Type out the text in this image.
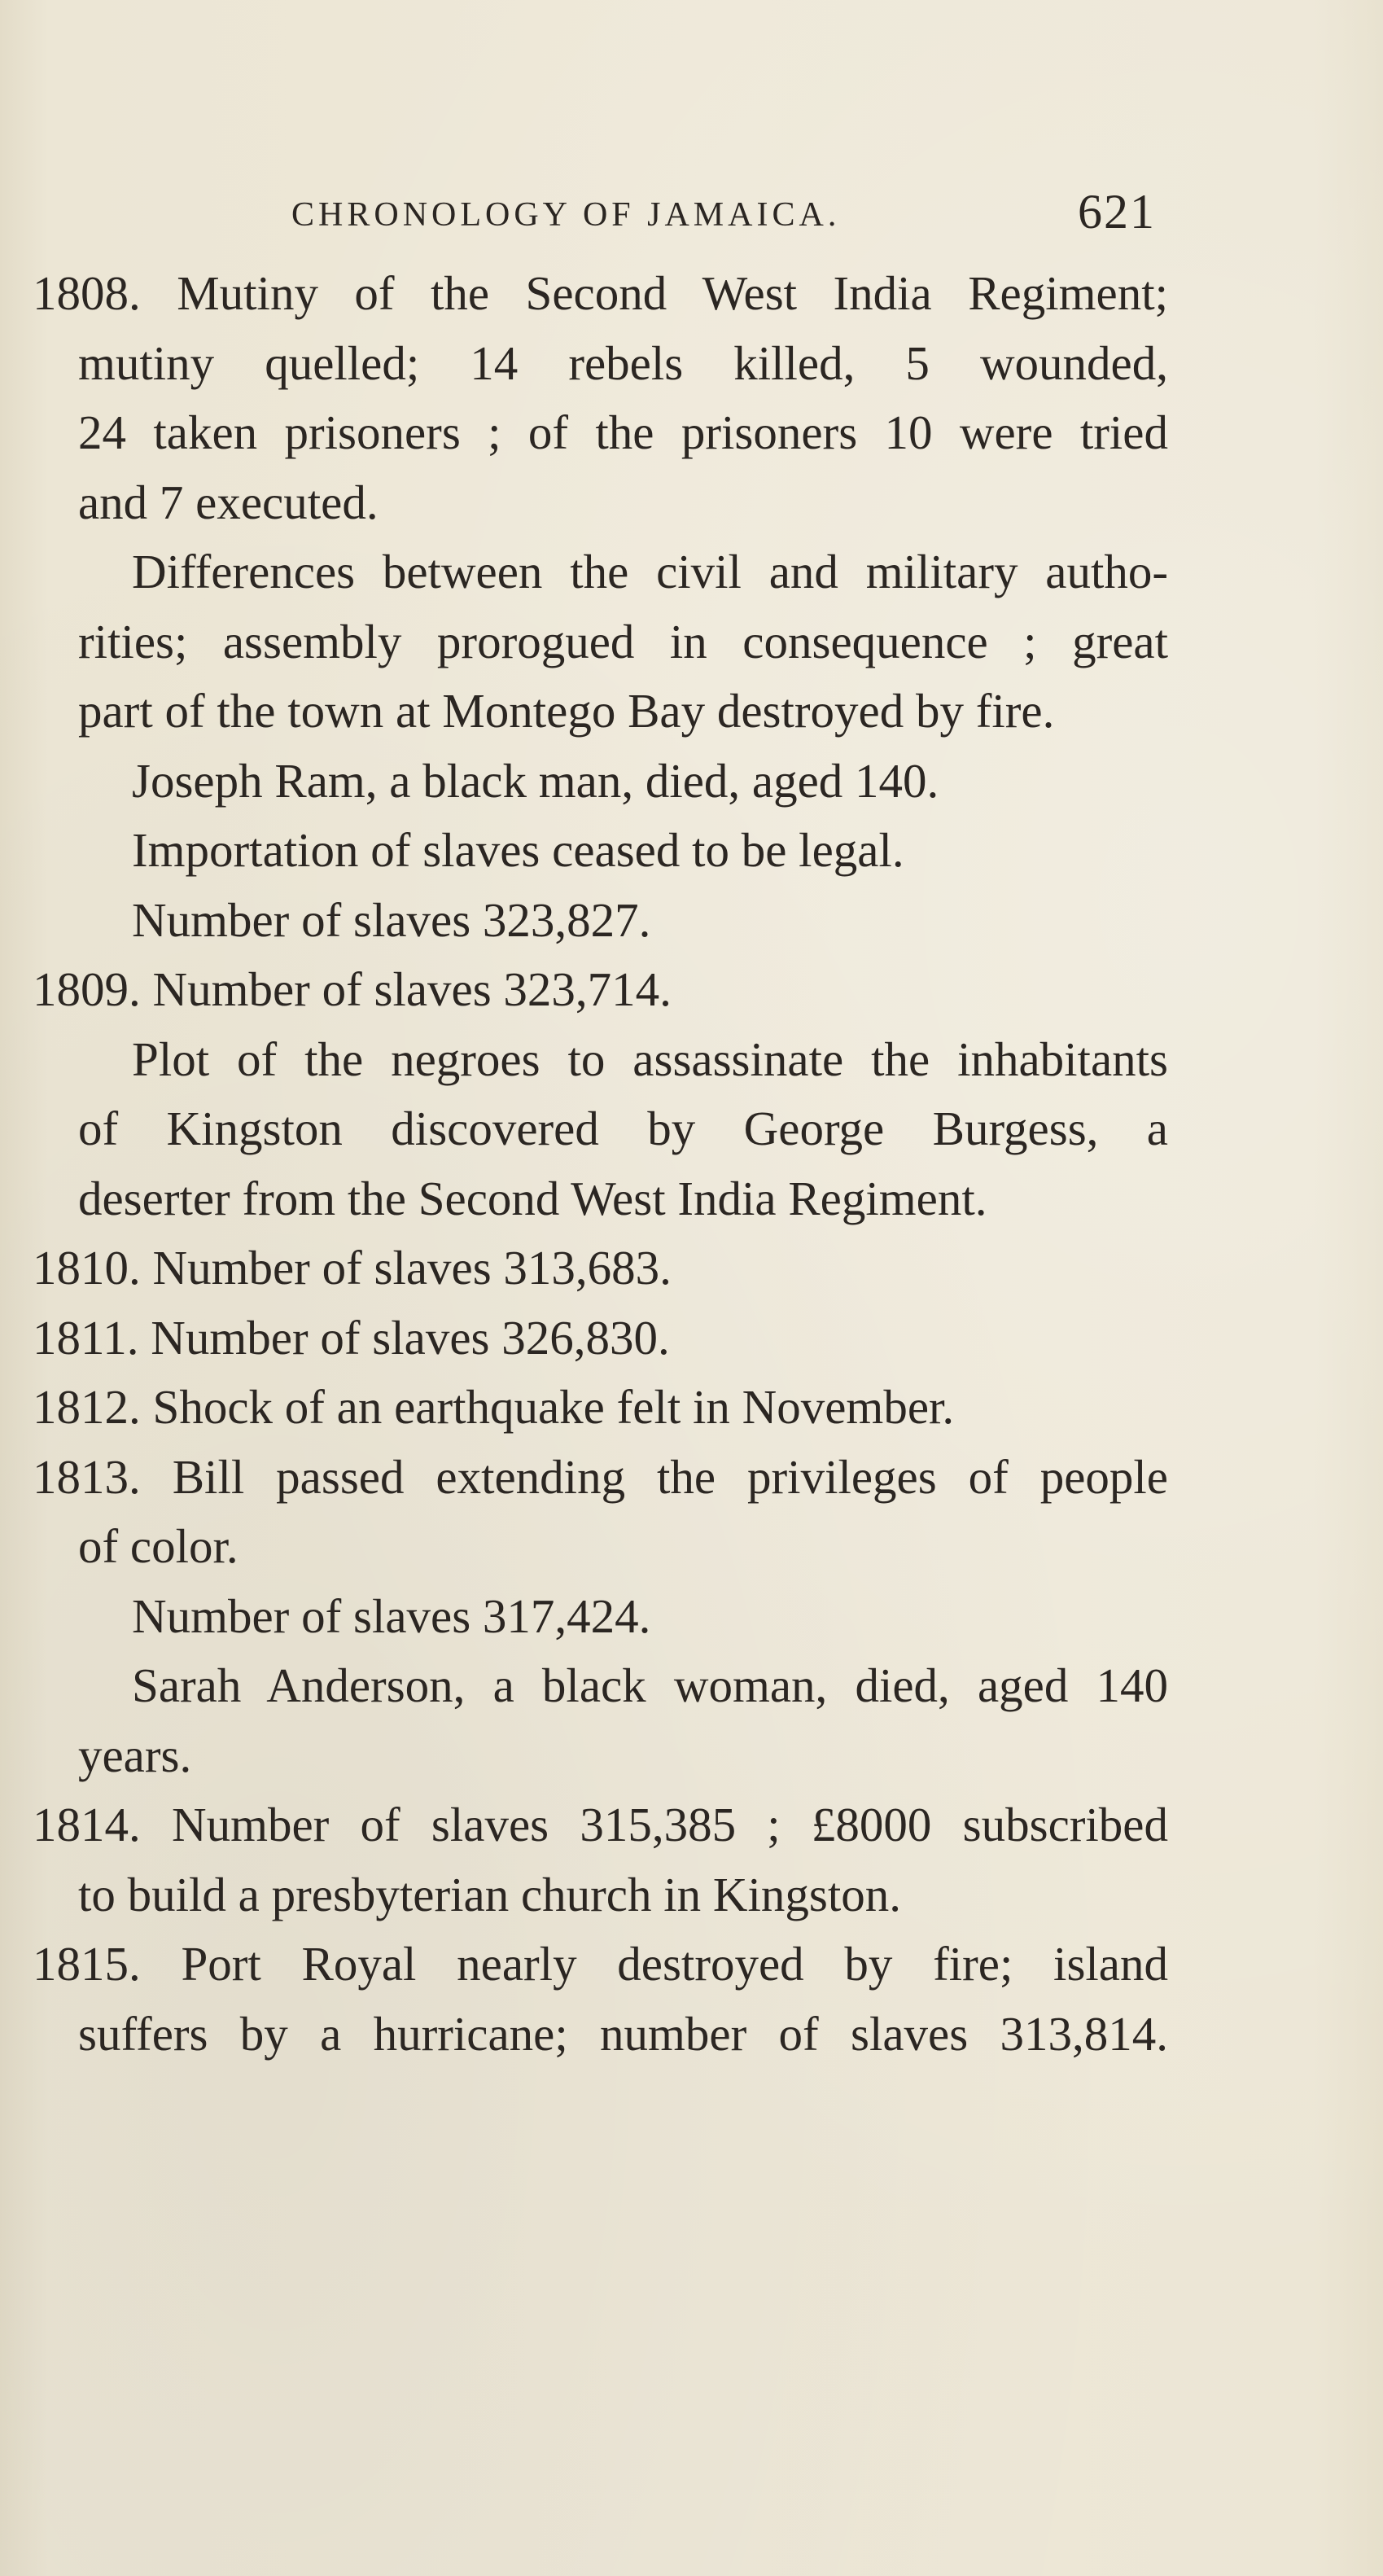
CHRONOLOGY OF JAMAICA.	621
1808. Mutiny of the Second West India Regiment;
mutiny quelled; 14 rebels killed, 5 wounded,
24 taken prisoners ; of the prisoners 10 were tried
and 7 executed.
Differences between the civil and military autho-
rities; assembly prorogued in consequence ; great
part of the town at Montego Bay destroyed by fire.
Joseph Ram, a black man, died, aged 140.
Importation of slaves ceased to be legal.
Number of slaves 323,827.
1809. Number of slaves 323,714.
Plot of the negroes to assassinate the inhabitants
of Kingston discovered by George Burgess, a
deserter from the Second West India Regiment.
1810. Number of slaves 313,683.
1811. Number of slaves 326,830.
1812. Shock of an earthquake felt in November.
1813. Bill passed extending the privileges of people
of color.
Number of slaves 317,424.
Sarah Anderson, a black woman, died, aged 140
years.
1814. Number of slaves 315,385 ; £8000 subscribed
to build a presbyterian church in Kingston.
1815. Port Royal nearly destroyed by fire; island
suffers by a hurricane; number of slaves 313,814.
